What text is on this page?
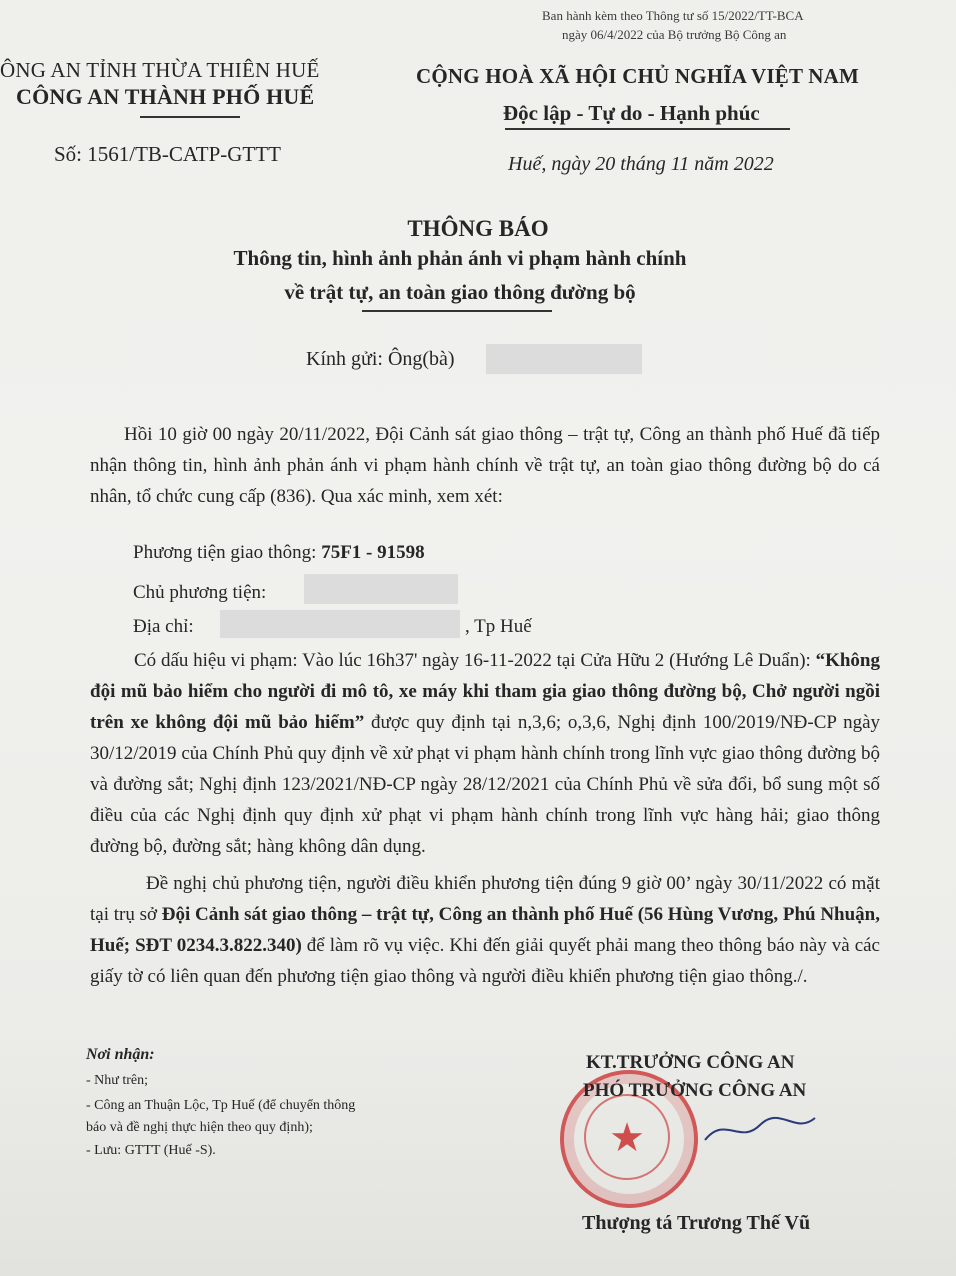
Ban hành kèm theo Thông tư số 15/2022/TT-BCA
ngày 06/4/2022 của Bộ trưởng Bộ Công an
ÔNG AN TỈNH THỪA THIÊN HUẾ
CÔNG AN THÀNH PHỐ HUẾ
Số: 1561/TB-CATP-GTTT
CỘNG HOÀ XÃ HỘI CHỦ NGHĨA VIỆT NAM
Độc lập - Tự do - Hạnh phúc
Huế, ngày 20 tháng 11 năm 2022
THÔNG BÁO
Thông tin, hình ảnh phản ánh vi phạm hành chính
về trật tự, an toàn giao thông đường bộ
Kính gửi: Ông(bà)
Hồi 10 giờ 00 ngày 20/11/2022, Đội Cảnh sát giao thông – trật tự, Công an thành phố Huế đã tiếp nhận thông tin, hình ảnh phản ánh vi phạm hành chính về trật tự, an toàn giao thông đường bộ do cá nhân, tổ chức cung cấp (836). Qua xác minh, xem xét:
Phương tiện giao thông: 75F1 - 91598
Chủ phương tiện:
Địa chỉ:	, Tp Huế
Có dấu hiệu vi phạm: Vào lúc 16h37' ngày 16-11-2022 tại Cửa Hữu 2 (Hướng Lê Duẩn): “Không đội mũ bảo hiểm cho người đi mô tô, xe máy khi tham gia giao thông đường bộ, Chở người ngồi trên xe không đội mũ bảo hiểm” được quy định tại n,3,6; o,3,6, Nghị định 100/2019/NĐ-CP ngày 30/12/2019 của Chính Phủ quy định về xử phạt vi phạm hành chính trong lĩnh vực giao thông đường bộ và đường sắt; Nghị định 123/2021/NĐ-CP ngày 28/12/2021 của Chính Phủ về sửa đổi, bổ sung một số điều của các Nghị định quy định xử phạt vi phạm hành chính trong lĩnh vực hàng hải; giao thông đường bộ, đường sắt; hàng không dân dụng.
Đề nghị chủ phương tiện, người điều khiển phương tiện đúng 9 giờ 00’ ngày 30/11/2022 có mặt tại trụ sở Đội Cảnh sát giao thông – trật tự, Công an thành phố Huế (56 Hùng Vương, Phú Nhuận, Huế; SĐT 0234.3.822.340) để làm rõ vụ việc. Khi đến giải quyết phải mang theo thông báo này và các giấy tờ có liên quan đến phương tiện giao thông và người điều khiển phương tiện giao thông./.
Nơi nhận:
- Như trên;
- Công an Thuận Lộc, Tp Huế (để chuyển thông
báo và đề nghị thực hiện theo quy định);
- Lưu: GTTT (Huế -S).	★
KT.TRƯỞNG CÔNG AN
PHÓ TRƯỞNG CÔNG AN
Thượng tá Trương Thế Vũ
